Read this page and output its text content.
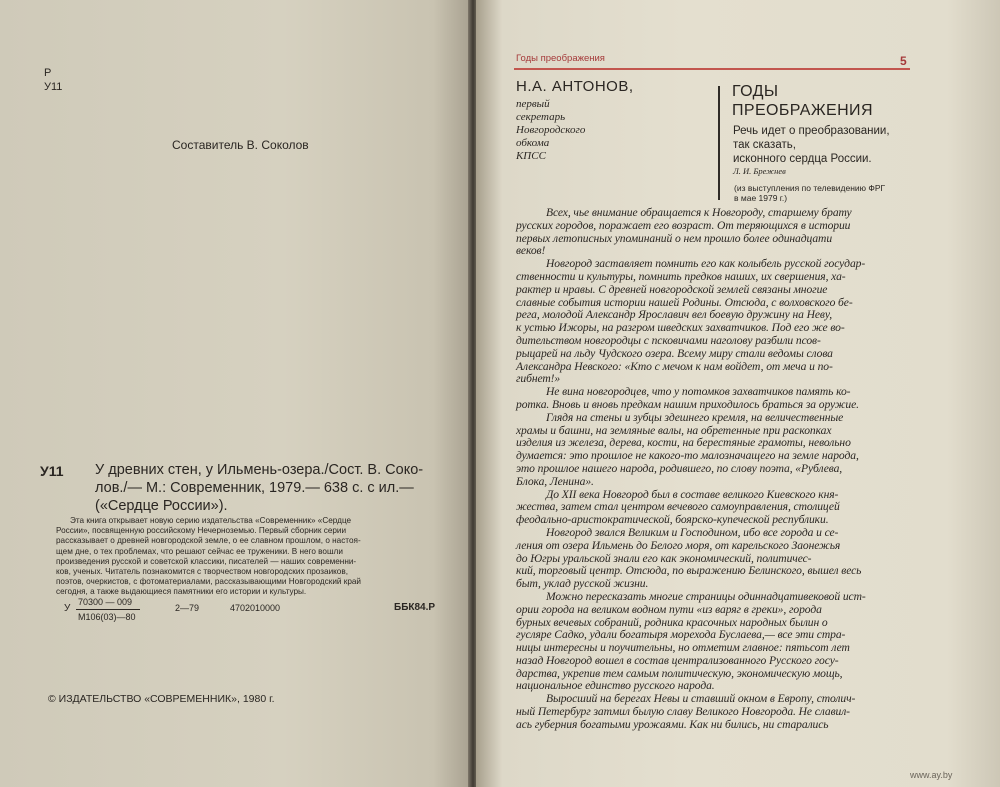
Р
У11
Составитель В. Соколов
У11 У древних стен, у Ильмень-озера./Сост. В. Соко-
лов./— М.: Современник, 1979.— 638 с. с ил.—
(«Сердце России»).
Эта книга открывает новую серию издательства «Современник» «Сердце
России», посвященную российскому Нечерноземью. Первый сборник серии
рассказывает о древней новгородской земле, о ее славном прошлом, о настоя-
щем дне, о тех проблемах, что решают сейчас ее труженики. В него вошли
произведения русской и советской классики, писателей — наших современни-
ков, ученых. Читатель познакомится с творчеством новгородских прозаиков,
поэтов, очеркистов, с фотоматериалами, рассказывающими Новгородский край
сегодня, а также выдающиеся памятники его истории и культуры.
У
70300 — 009
М106(03)—80
2—79	4702010000	ББК84.Р
© ИЗДАТЕЛЬСТВО «СОВРЕМЕННИК», 1980 г.
Годы преображения	5
Н.А. АНТОНОВ,
первый
секретарь
Новгородского
обкома
КПСС
ГОДЫ
ПРЕОБРАЖЕНИЯ
Речь идет о преобразовании,
так сказать,
исконного сердца России.
Л. И. Брежнев
(из выступления по телевидению ФРГ
в мае 1979 г.)
Всех, чье внимание обращается к Новгороду, старшему брату
русских городов, поражает его возраст. От теряющихся в истории
первых летописных упоминаний о нем прошло более одинадцати
веков!
Новгород заставляет помнить его как колыбель русской государ-
ственности и культуры, помнить предков наших, их свершения, ха-
рактер и нравы. С древней новгородской землей связаны многие
славные события истории нашей Родины. Отсюда, с волховского бе-
рега, молодой Александр Ярославич вел боевую дружину на Неву,
к устью Ижоры, на разгром шведских захватчиков. Под его же во-
дительством новгородцы с псковичами наголову разбили псов-
рыцарей на льду Чудского озера. Всему миру стали ведомы слова
Александра Невского: «Кто с мечом к нам войдет, от меча и по-
гибнет!»
Не вина новгородцев, что у потомков захватчиков память ко-
ротка. Вновь и вновь предкам нашим приходилось браться за оружие.
Глядя на стены и зубцы здешнего кремля, на величественные
храмы и башни, на земляные валы, на обретенные при раскопках
изделия из железа, дерева, кости, на берестяные грамоты, невольно
думается: это прошлое не какого-то малозначащего на земле народа,
это прошлое нашего народа, родившего, по слову поэта, «Рублева,
Блока, Ленина».
До XII века Новгород был в составе великого Киевского кня-
жества, затем стал центром вечевого самоуправления, столицей
феодально-аристократической, боярско-купеческой республики.
Новгород звался Великим и Господином, ибо все города и се-
ления от озера Ильмень до Белого моря, от карельского Заонежья
до Югры уральской знали его как экономический, политичес-
кий, торговый центр. Отсюда, по выражению Белинского, вышел весь
быт, уклад русской жизни.
Можно пересказать многие страницы одиннадцативековой ист-
ории города на великом водном пути «из варяг в греки», города
бурных вечевых собраний, родника красочных народных былин о
гусляре Садко, удали богатыря морехода Буслаева,— все эти стра-
ницы интересны и поучительны, но отметим главное: пятьсот лет
назад Новгород вошел в состав централизованного Русского госу-
дарства, укрепив тем самым политическую, экономическую мощь,
национальное единство русского народа.
Выросший на берегах Невы и ставший окном в Европу, столич-
ный Петербург затмил былую славу Великого Новгорода. Не славил-
ась губерния богатыми урожаями. Как ни бились, ни старались
www.ay.by
